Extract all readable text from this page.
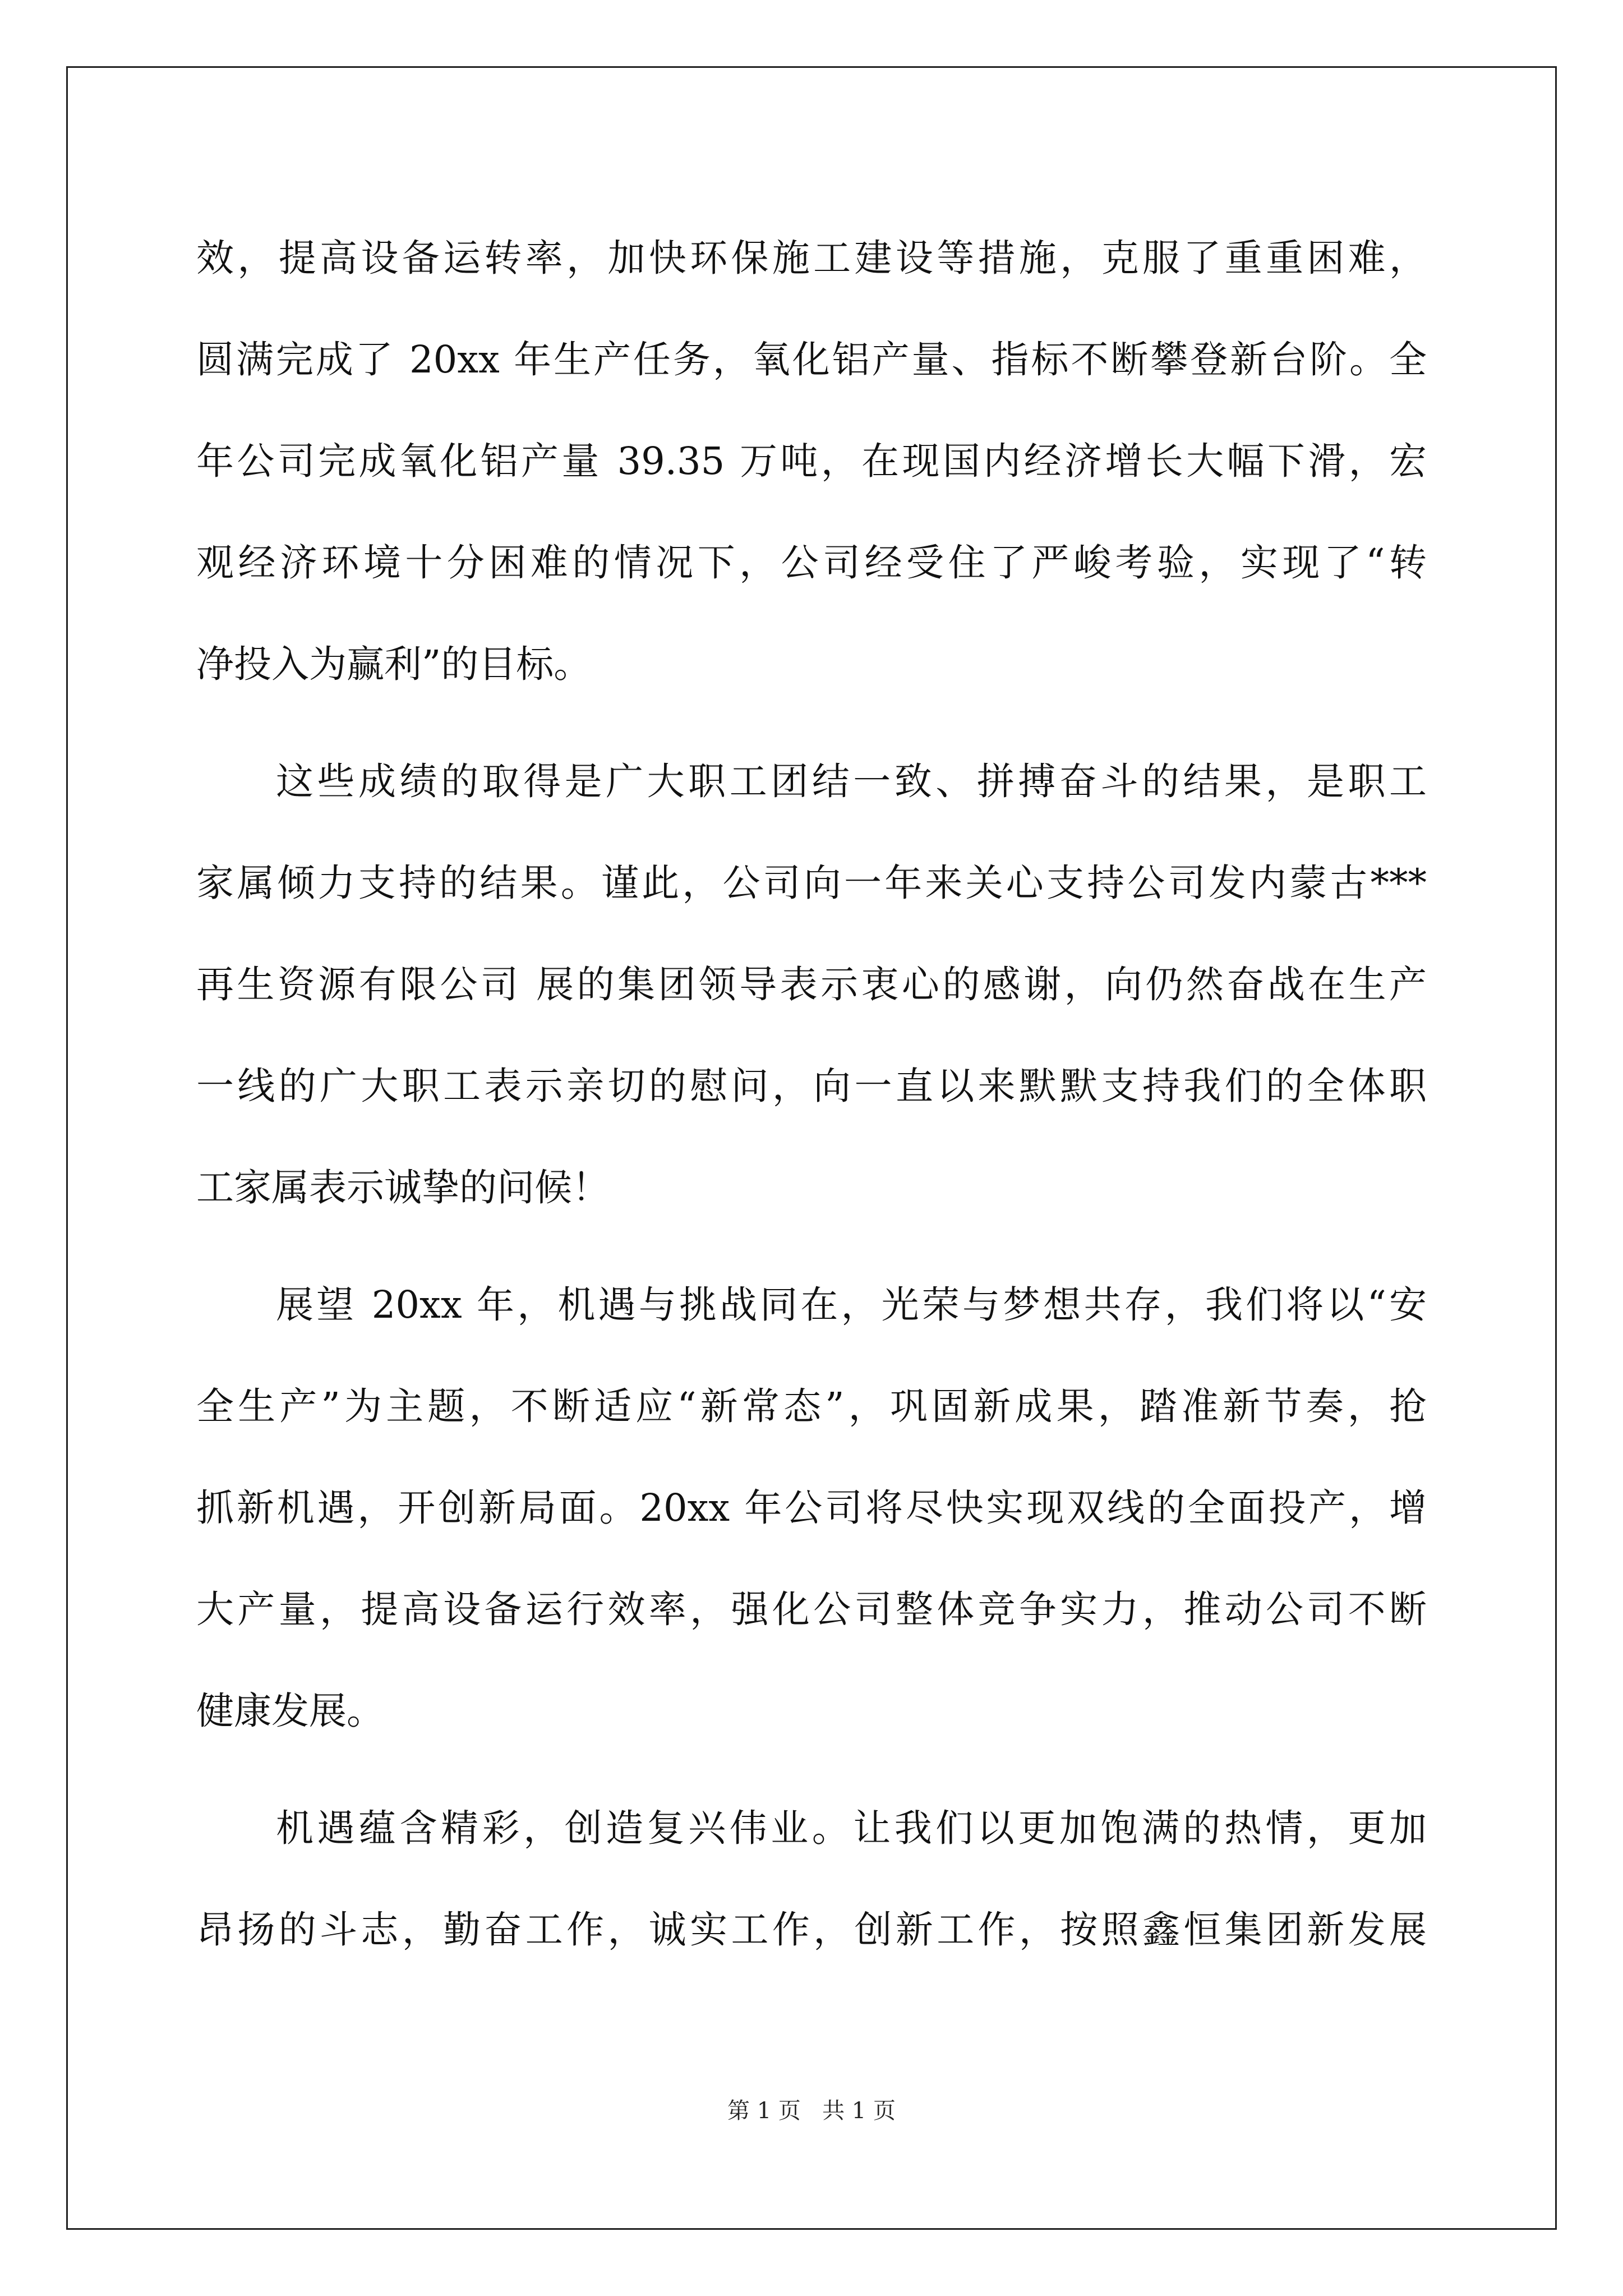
效，提高设备运转率，加快环保施工建设等措施，克服了重重困难，
圆满完成了 20xx 年生产任务，氧化铝产量、指标不断攀登新台阶。全
年公司完成氧化铝产量 39.35 万吨，在现国内经济增长大幅下滑，宏
观经济环境十分困难的情况下，公司经受住了严峻考验，实现了“转
净投入为赢利”的目标。
这些成绩的取得是广大职工团结一致、拼搏奋斗的结果，是职工
家属倾力支持的结果。谨此，公司向一年来关心支持公司发内蒙古***
再生资源有限公司 展的集团领导表示衷心的感谢，向仍然奋战在生产
一线的广大职工表示亲切的慰问，向一直以来默默支持我们的全体职
工家属表示诚挚的问候！
展望 20xx 年，机遇与挑战同在，光荣与梦想共存，我们将以“安
全生产”为主题，不断适应“新常态”，巩固新成果，踏准新节奏，抢
抓新机遇，开创新局面。20xx 年公司将尽快实现双线的全面投产，增
大产量，提高设备运行效率，强化公司整体竞争实力，推动公司不断
健康发展。
机遇蕴含精彩，创造复兴伟业。让我们以更加饱满的热情，更加
昂扬的斗志，勤奋工作，诚实工作，创新工作，按照鑫恒集团新发展
第 1 页   共 1 页
